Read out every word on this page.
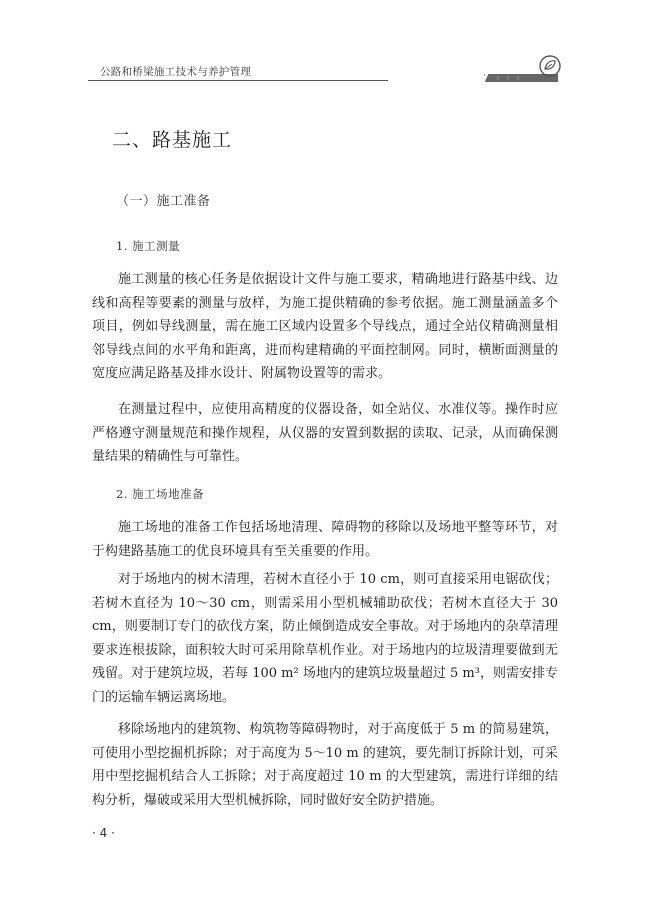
公路和桥梁施工技术与养护管理
二、路基施工
（一）施工准备
1. 施工测量

施工测量的核心任务是依据设计文件与施工要求，精确地进行路基中线、边线和高程等要素的测量与放样，为施工提供精确的参考依据。施工测量涵盖多个项目，例如导线测量，需在施工区域内设置多个导线点，通过全站仪精确测量相邻导线点间的水平角和距离，进而构建精确的平面控制网。同时，横断面测量的宽度应满足路基及排水设计、附属物设置等的需求。

在测量过程中，应使用高精度的仪器设备，如全站仪、水准仪等。操作时应严格遵守测量规范和操作规程，从仪器的安置到数据的读取、记录，从而确保测量结果的精确性与可靠性。

2. 施工场地准备

施工场地的准备工作包括场地清理、障碍物的移除以及场地平整等环节，对于构建路基施工的优良环境具有至关重要的作用。

对于场地内的树木清理，若树木直径小于 10 cm，则可直接采用电锯砍伐；若树木直径为 10～30 cm，则需采用小型机械辅助砍伐；若树木直径大于 30 cm，则要制订专门的砍伐方案，防止倾倒造成安全事故。对于场地内的杂草清理要求连根拔除，面积较大时可采用除草机作业。对于场地内的垃圾清理要做到无残留。对于建筑垃圾，若每 100 m² 场地内的建筑垃圾量超过 5 m³，则需安排专门的运输车辆运离场地。

移除场地内的建筑物、构筑物等障碍物时，对于高度低于 5 m 的简易建筑，可使用小型挖掘机拆除；对于高度为 5～10 m 的建筑，要先制订拆除计划，可采用中型挖掘机结合人工拆除；对于高度超过 10 m 的大型建筑，需进行详细的结构分析，爆破或采用大型机械拆除，同时做好安全防护措施。

· 4 ·
